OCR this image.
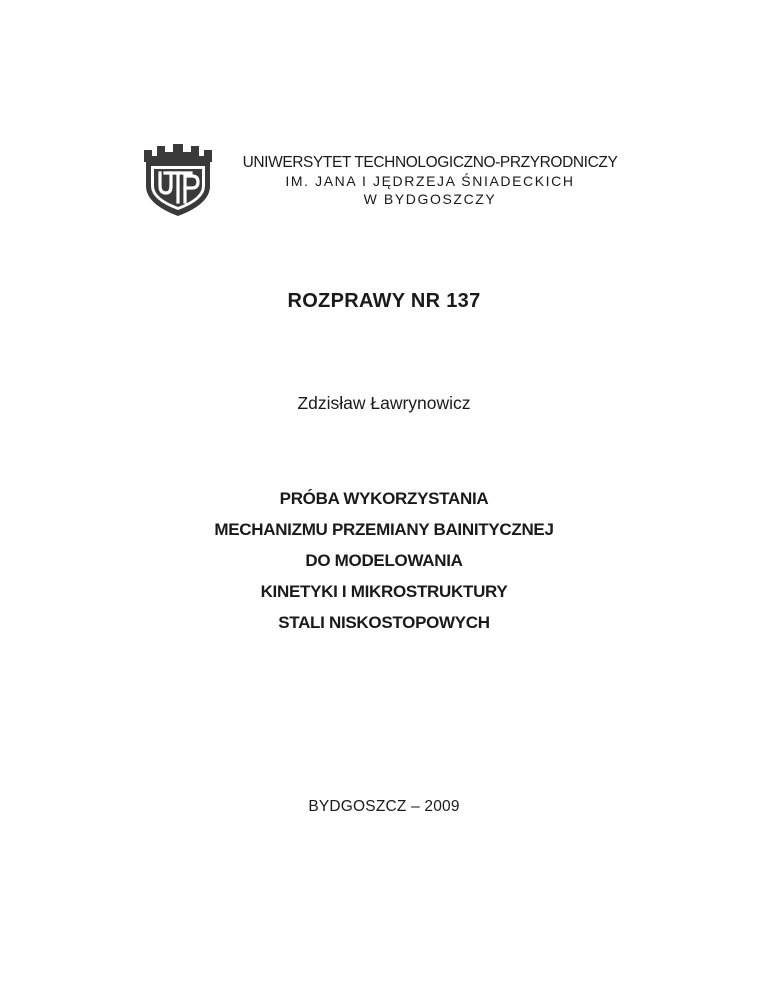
UNIWERSYTET TECHNOLOGICZNO-PRZYRODNICZY
IM. JANA I JĘDRZEJA ŚNIADECKICH
W BYDGOSZCZY
ROZPRAWY NR 137
Zdzisław Ławrynowicz
PRÓBA WYKORZYSTANIA
MECHANIZMU PRZEMIANY BAINITYCZNEJ
DO MODELOWANIA
KINETYKI I MIKROSTRUKTURY
STALI NISKOSTOPOWYCH
BYDGOSZCZ – 2009
